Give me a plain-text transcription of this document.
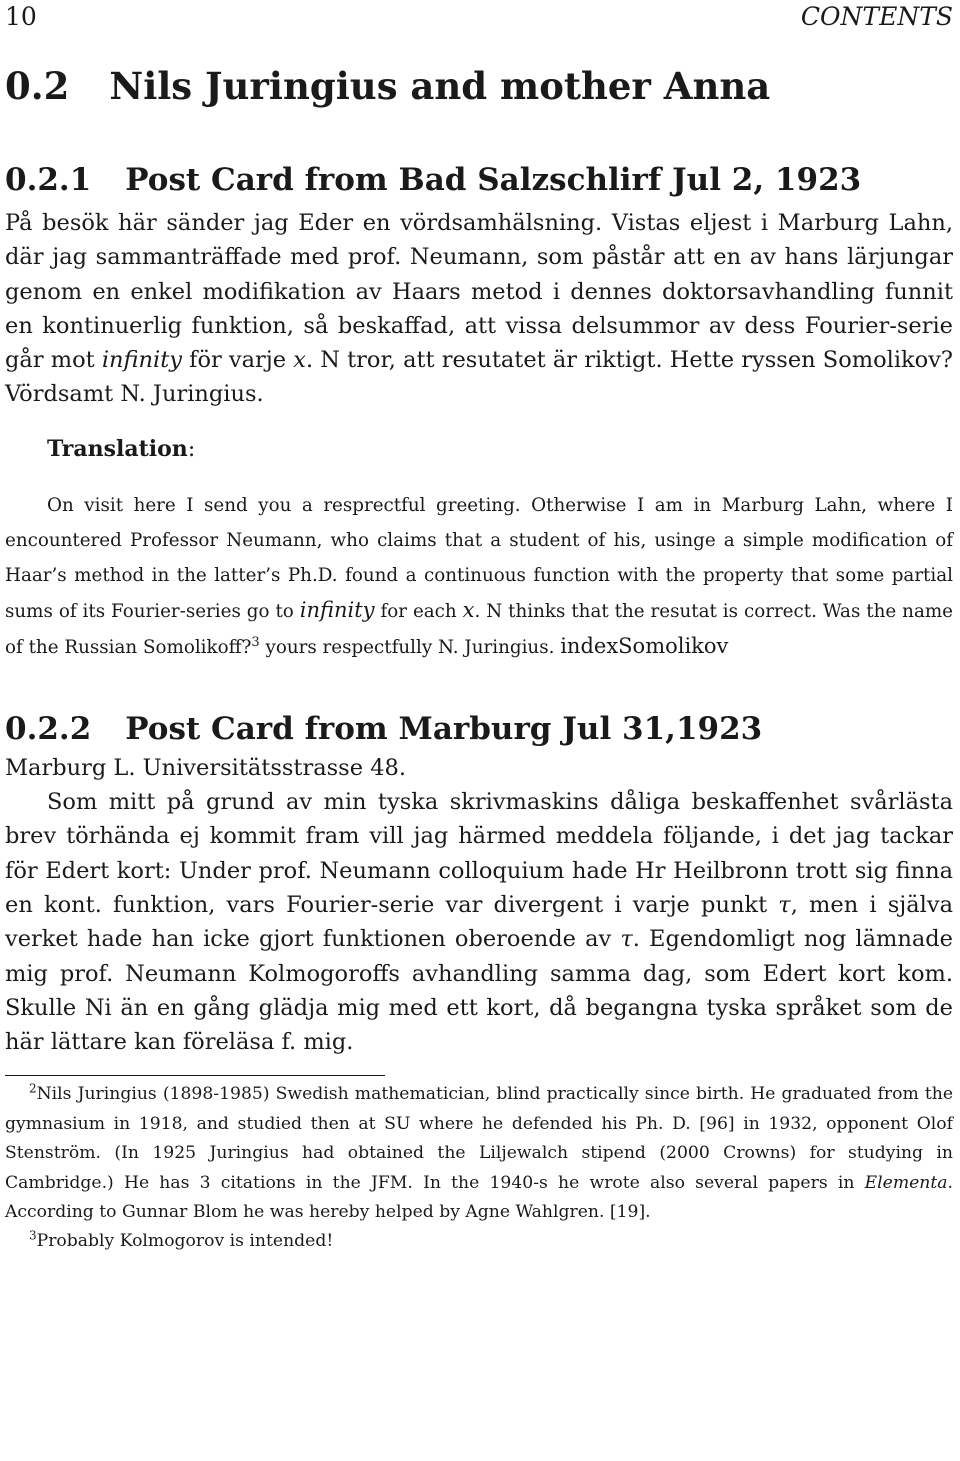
10	CONTENTS
0.2 Nils Juringius and mother Anna
0.2.1 Post Card from Bad Salzschlirf Jul 2, 1923

På besök här sänder jag Eder en vördsamhälsning. Vistas eljest i Marburg Lahn, där jag sammanträffade med prof. Neumann, som påstår att en av hans lärjungar genom en enkel modifikation av Haars metod i dennes doktorsavhandling funnit en kontinuerlig funktion, så beskaffad, att vissa delsummor av dess Fourier-serie går mot infinity för varje x. N tror, att resutatet är riktigt. Hette ryssen Somolikov? Vördsamt N. Juringius.

Translation:

On visit here I send you a resprectful greeting. Otherwise I am in Marburg Lahn, where I encountered Professor Neumann, who claims that a student of his, usinge a simple modification of Haar’s method in the latter’s Ph.D. found a continuous function with the property that some partial sums of its Fourier-series go to infinity for each x. N thinks that the resutat is correct. Was the name of the Russian Somolikoff?$^3$ yours respectfully N. Juringius. indexSomolikov

0.2.2 Post Card from Marburg Jul 31,1923

Marburg L. Universitätsstrasse 48.

Som mitt på grund av min tyska skrivmaskins dåliga beskaffenhet svårlästa brev törhända ej kommit fram vill jag härmed meddela följande, i det jag tackar för Edert kort: Under prof. Neumann colloquium hade Hr Heilbronn trott sig finna en kont. funktion, vars Fourier-serie var divergent i varje punkt τ, men i själva verket hade han icke gjort funktionen oberoende av τ. Egendomligt nog lämnade mig prof. Neumann Kolmogoroffs avhandling samma dag, som Edert kort kom. Skulle Ni än en gång glädja mig med ett kort, då begangna tyska språket som de här lättare kan föreläsa f. mig.

$^2$Nils Juringius (1898-1985) Swedish mathematician, blind practically since birth. He graduated from the gymnasium in 1918, and studied then at SU where he defended his Ph. D. [96] in 1932, opponent Olof Stenström. (In 1925 Juringius had obtained the Liljewalch stipend (2000 Crowns) for studying in Cambridge.) He has 3 citations in the JFM. In the 1940-s he wrote also several papers in Elementa. According to Gunnar Blom he was hereby helped by Agne Wahlgren. [19].

$^3$Probably Kolmogorov is intended!
